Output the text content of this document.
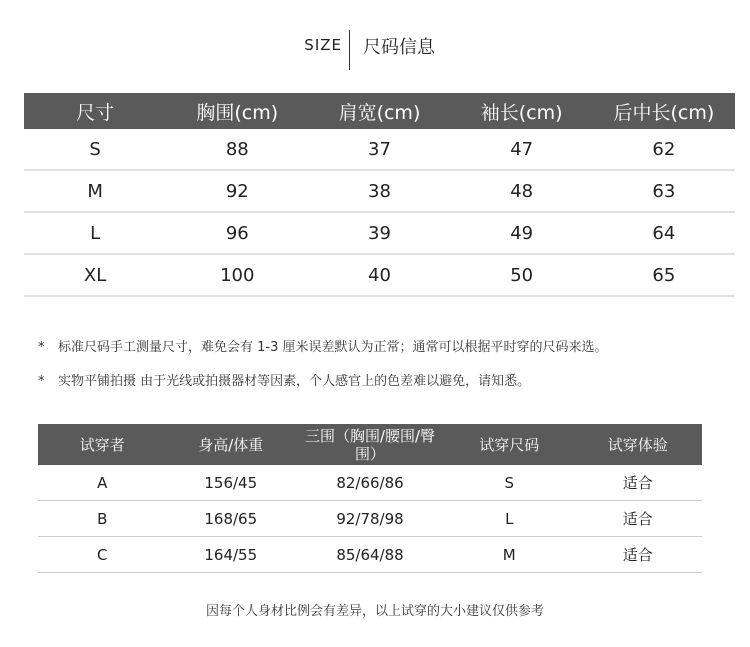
SIZE 尺码信息
尺寸	胸围(cm)	肩宽(cm)	袖长(cm)	后中长(cm)
S	88	37	47	62
M	92	38	48	63
L	96	39	49	64
XL	100	40	50	65
* 标准尺码手工测量尺寸，难免会有 1-3 厘米误差默认为正常；通常可以根据平时穿的尺码来选。
* 实物平铺拍摄 由于光线或拍摄器材等因素，个人感官上的色差难以避免，请知悉。
试穿者	身高/体重	三围（胸围/腰围/臀围）	试穿尺码	试穿体验
A	156/45	82/66/86	S	适合
B	168/65	92/78/98	L	适合
C	164/55	85/64/88	M	适合
因每个人身材比例会有差异，以上试穿的大小建议仅供参考
